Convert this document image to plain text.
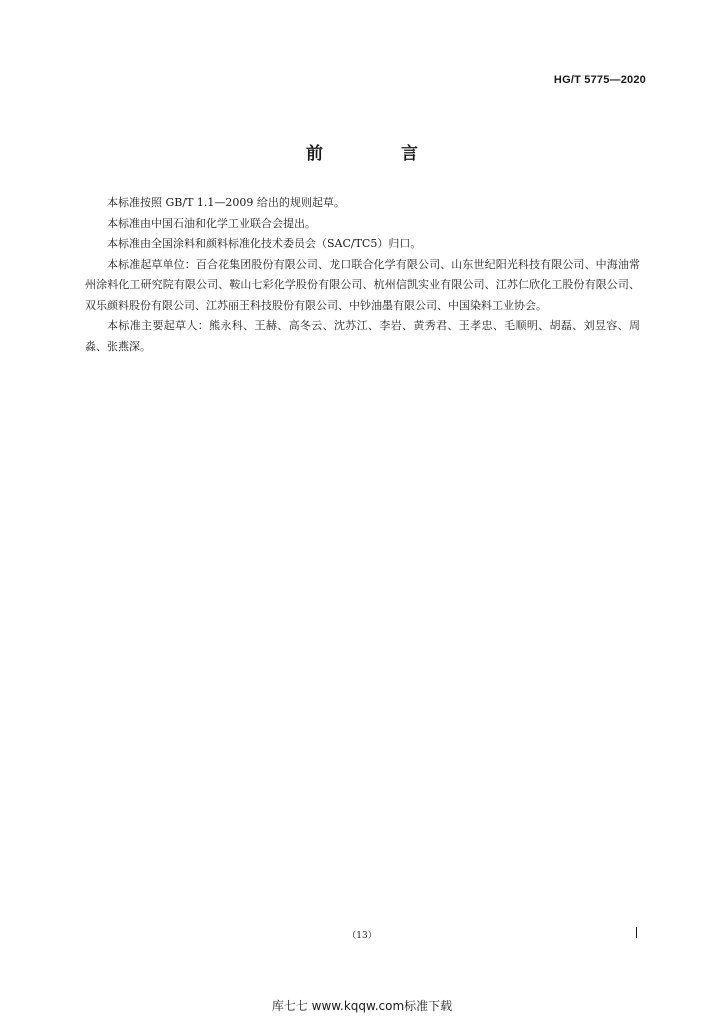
HG/T 5775—2020
前 言

本标准按照 GB/T 1.1—2009 给出的规则起草。

本标准由中国石油和化学工业联合会提出。

本标准由全国涂料和颜料标准化技术委员会（SAC/TC5）归口。

本标准起草单位：百合花集团股份有限公司、龙口联合化学有限公司、山东世纪阳光科技有限公司、中海油常州涂料化工研究院有限公司、鞍山七彩化学股份有限公司、杭州信凯实业有限公司、江苏仁欣化工股份有限公司、双乐颜料股份有限公司、江苏丽王科技股份有限公司、中钞油墨有限公司、中国染料工业协会。

本标准主要起草人：熊永科、王赫、高冬云、沈苏江、李岩、黄秀君、王孝忠、毛顺明、胡磊、刘昱容、周淼、张燕深。

（13）
库七七 www.kqqw.com标准下载
